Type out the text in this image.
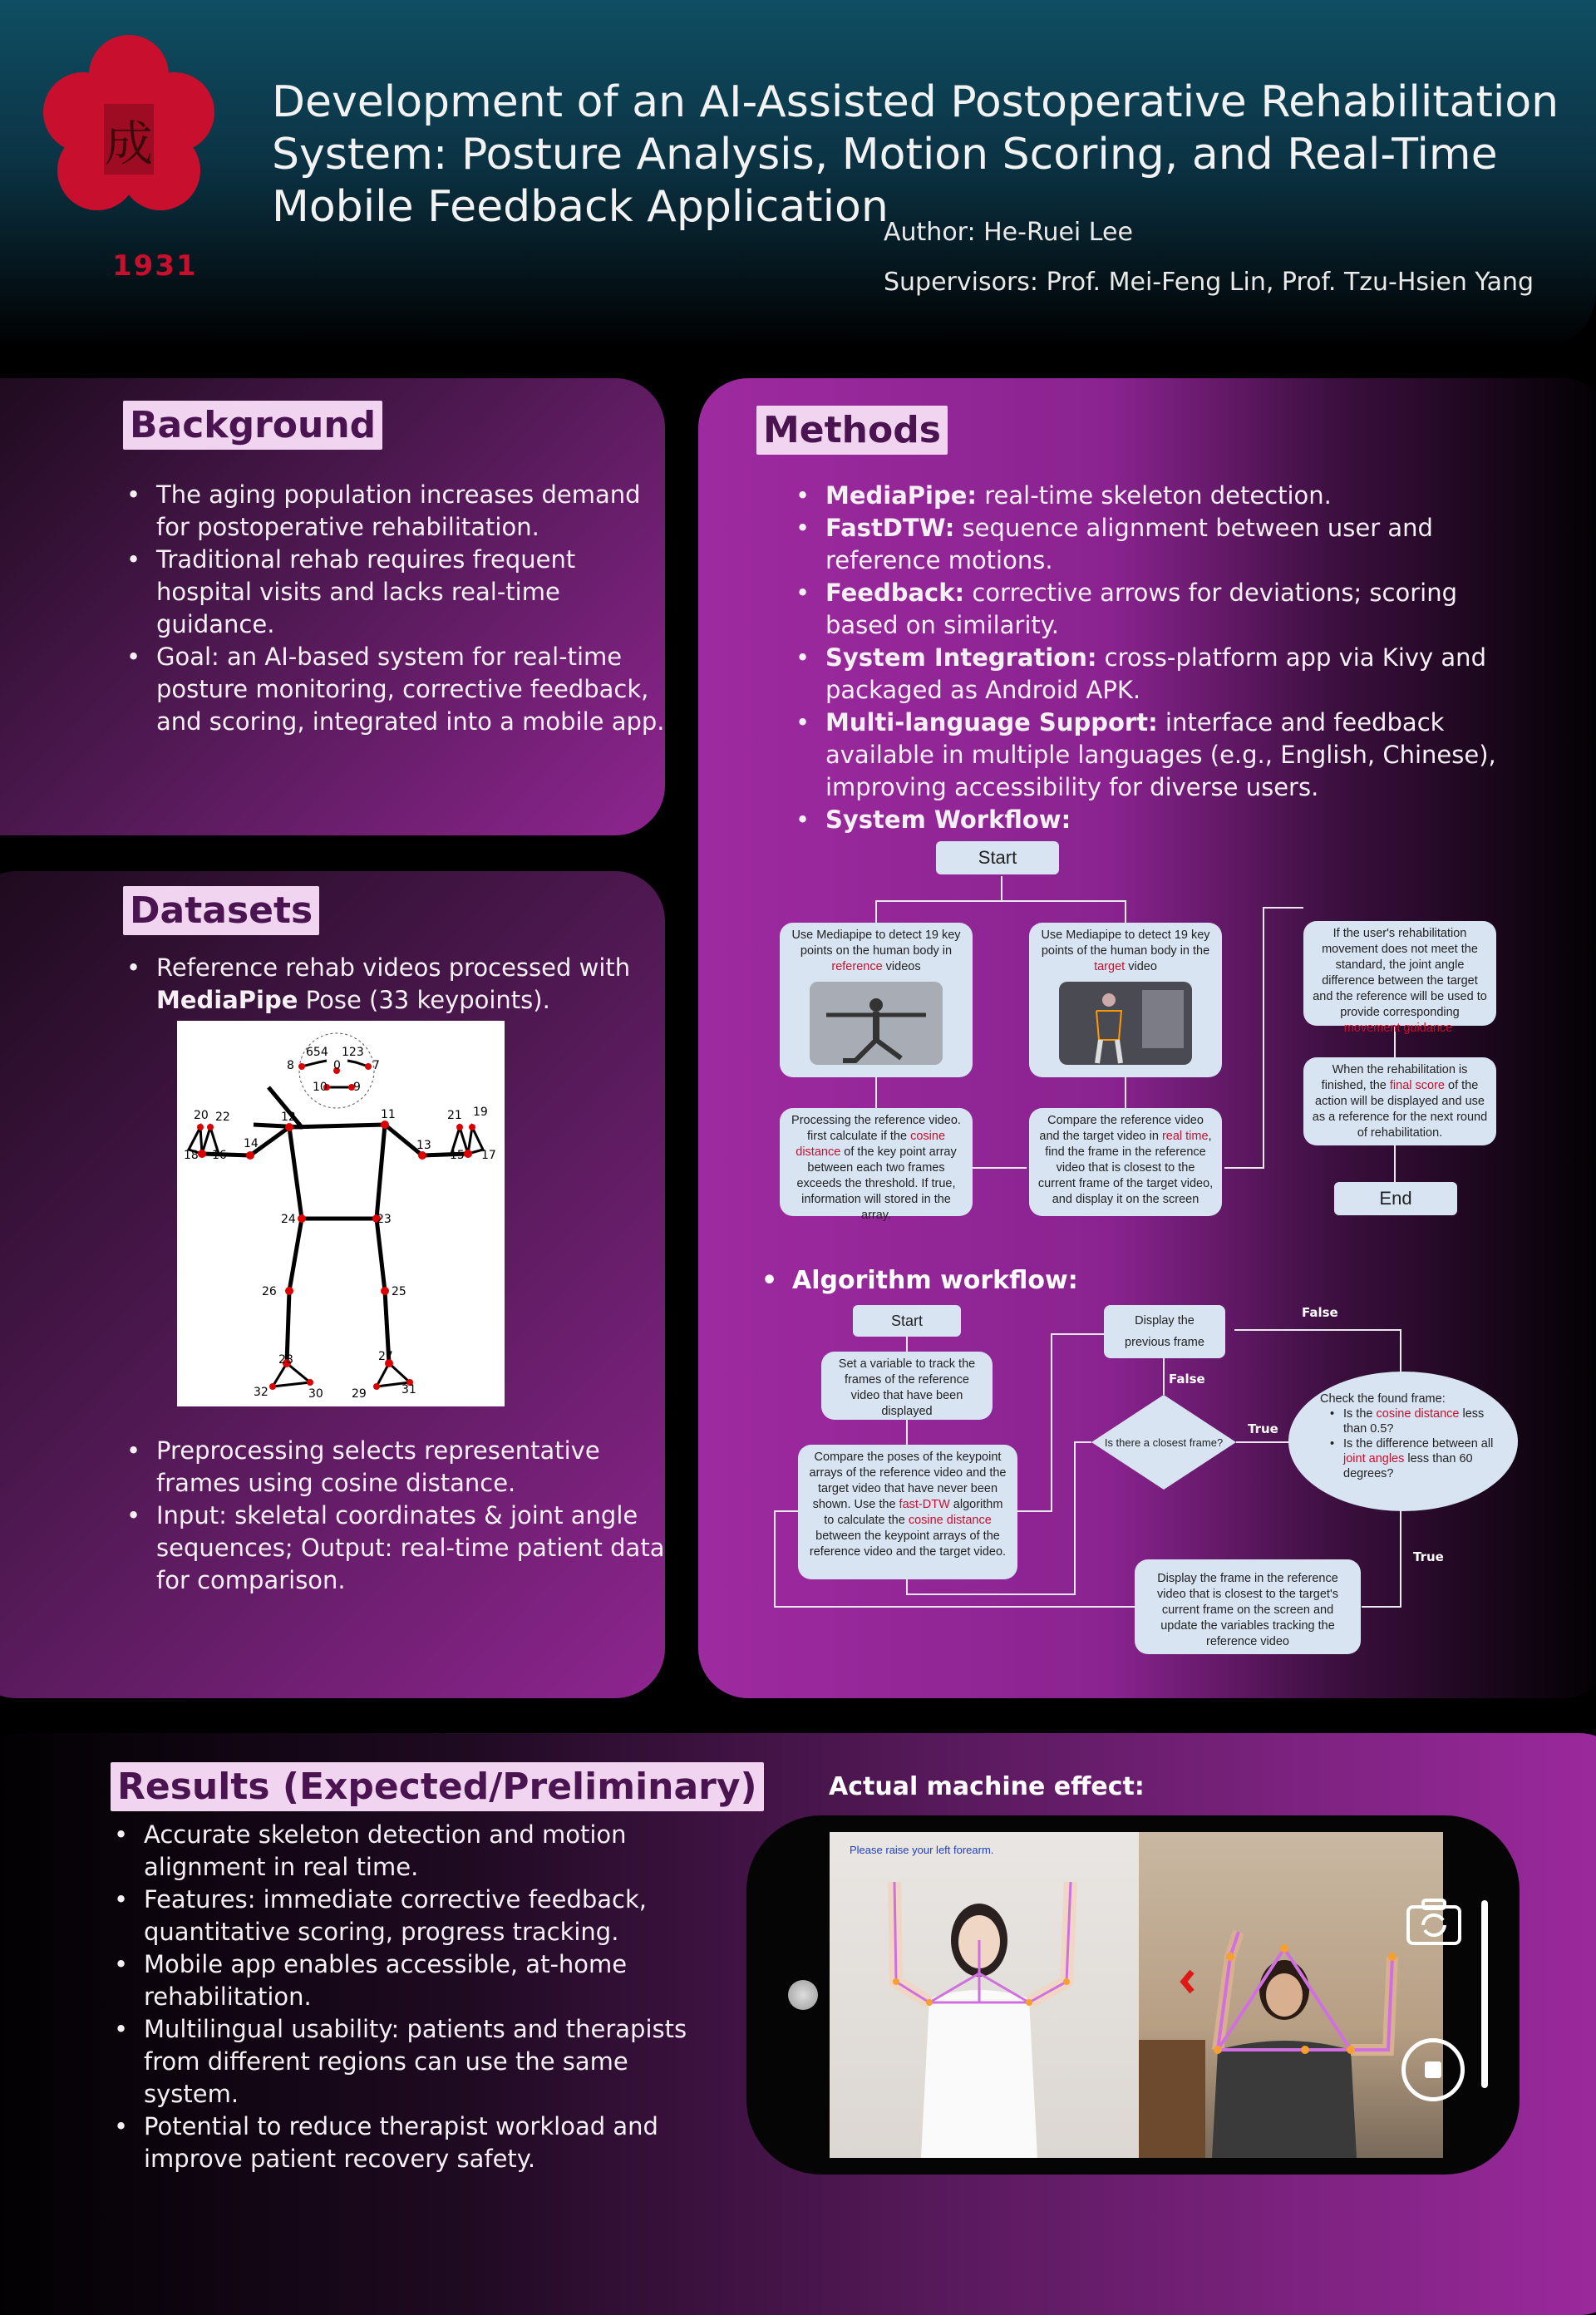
成
1931
Development of an AI-Assisted Postoperative Rehabilitation System: Posture Analysis, Motion Scoring, and Real-Time Mobile Feedback Application
Author: He-Ruei Lee
Supervisors: Prof. Mei-Feng Lin, Prof. Tzu-Hsien Yang
Background
• The aging population increases demand for postoperative rehabilitation.
• Traditional rehab requires frequent hospital visits and lacks real-time guidance.
• Goal: an AI-based system for real-time posture monitoring, corrective feedback, and scoring, integrated into a mobile app.
Datasets
• Reference rehab videos processed with MediaPipe Pose (33 keypoints).
8	7
654 123
0
10 9
12	11
14	13
18 16
20 22
15 17
21 19
24	23
26	25
28	27
32	30 29	31
• Preprocessing selects representative frames using cosine distance.
• Input: skeletal coordinates & joint angle sequences; Output: real-time patient data for comparison.
Methods
• MediaPipe: real-time skeleton detection.
• FastDTW: sequence alignment between user and reference motions.
• Feedback: corrective arrows for deviations; scoring based on similarity.
• System Integration: cross-platform app via Kivy and packaged as Android APK.
• Multi-language Support: interface and feedback available in multiple languages (e.g., English, Chinese), improving accessibility for diverse users.
• System Workflow:
Start
Use Mediapipe to detect 19 key points on the human body in reference videos
Use Mediapipe to detect 19 key points of the human body in the target video
Processing the reference video. first calculate if the cosine distance of the key point array between each two frames exceeds the threshold. If true, information will stored in the array.
Compare the reference video and the target video in real time, find the frame in the reference video that is closest to the current frame of the target video, and display it on the screen
If the user's rehabilitation movement does not meet the standard, the joint angle difference between the target and the reference will be used to provide corresponding movement guidance.
When the rehabilitation is finished, the final score of the action will be displayed and use as a reference for the next round of rehabilitation.
End
• Algorithm workflow:
False
False
True
True
Start
Set a variable to track the frames of the reference video that have been displayed
Compare the poses of the keypoint arrays of the reference video and the target video that have never been shown. Use the fast-DTW algorithm to calculate the cosine distance between the keypoint arrays of the reference video and the target video.
Display the previous frame
Is there a closest frame?
Check the found frame:
• Is the cosine distance less than 0.5?
• Is the difference between all joint angles less than 60 degrees?
Display the frame in the reference video that is closest to the target's current frame on the screen and update the variables tracking the reference video
Results (Expected/Preliminary)
• Accurate skeleton detection and motion alignment in real time.
• Features: immediate corrective feedback, quantitative scoring, progress tracking.
• Mobile app enables accessible, at-home rehabilitation.
• Multilingual usability: patients and therapists from different regions can use the same system.
• Potential to reduce therapist workload and improve patient recovery safety.
Actual machine effect:
Please raise your left forearm.
